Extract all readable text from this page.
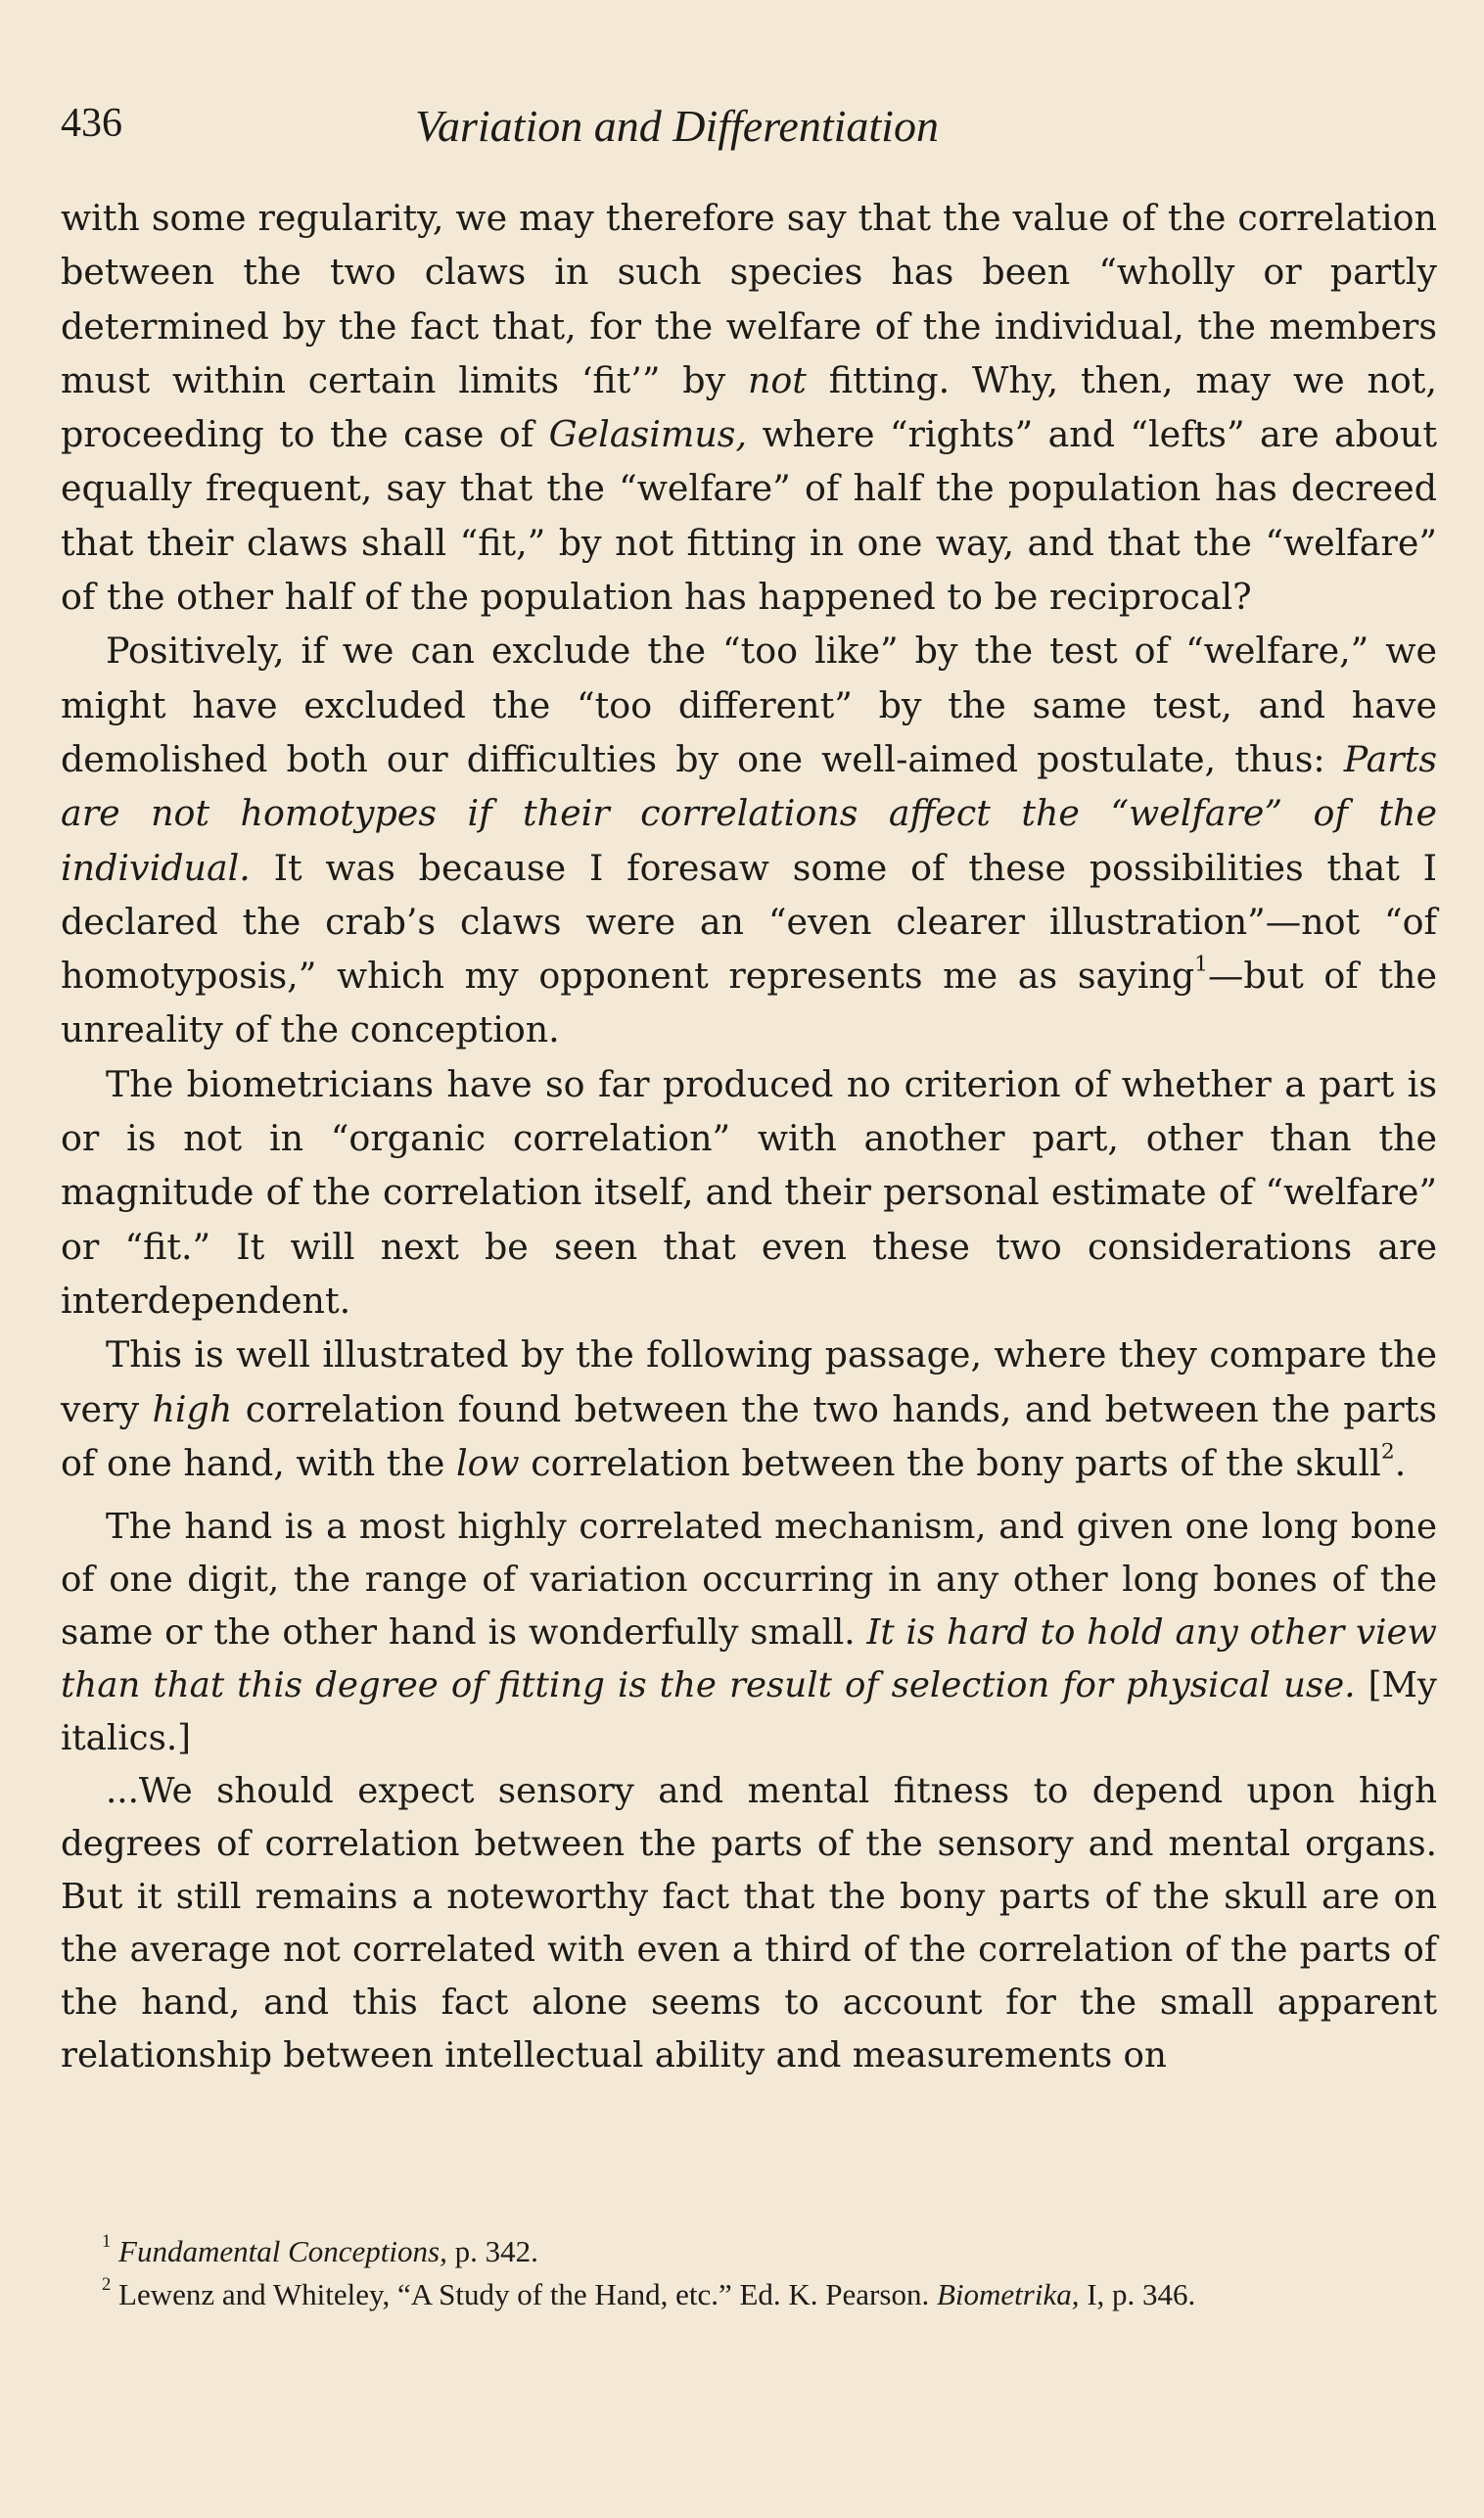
436	Variation and Differentiation

with some regularity, we may therefore say that the value of the correlation between the two claws in such species has been “wholly or partly determined by the fact that, for the welfare of the individual, the members must within certain limits ‘fit’” by not fitting. Why, then, may we not, proceeding to the case of Gelasimus, where “rights” and “lefts” are about equally frequent, say that the “welfare” of half the population has decreed that their claws shall “fit,” by not fitting in one way, and that the “welfare” of the other half of the population has happened to be reciprocal?

Positively, if we can exclude the “too like” by the test of “welfare,” we might have excluded the “too different” by the same test, and have demolished both our difficulties by one well-aimed postulate, thus: Parts are not homotypes if their correlations affect the “welfare” of the individual. It was because I foresaw some of these possibilities that I declared the crab’s claws were an “even clearer illustration”—not “of homotyposis,” which my opponent represents me as saying$^1$—but of the unreality of the conception.

The biometricians have so far produced no criterion of whether a part is or is not in “organic correlation” with another part, other than the magnitude of the correlation itself, and their personal estimate of “welfare” or “fit.” It will next be seen that even these two considerations are interdependent.

This is well illustrated by the following passage, where they compare the very high correlation found between the two hands, and between the parts of one hand, with the low correlation between the bony parts of the skull$^2$.

The hand is a most highly correlated mechanism, and given one long bone of one digit, the range of variation occurring in any other long bones of the same or the other hand is wonderfully small. It is hard to hold any other view than that this degree of fitting is the result of selection for physical use. [My italics.]

...We should expect sensory and mental fitness to depend upon high degrees of correlation between the parts of the sensory and mental organs. But it still remains a noteworthy fact that the bony parts of the skull are on the average not correlated with even a third of the correlation of the parts of the hand, and this fact alone seems to account for the small apparent relationship between intellectual ability and measurements on

$^1$ Fundamental Conceptions, p. 342.

$^2$ Lewenz and Whiteley, “A Study of the Hand, etc.” Ed. K. Pearson. Biometrika, I, p. 346.
